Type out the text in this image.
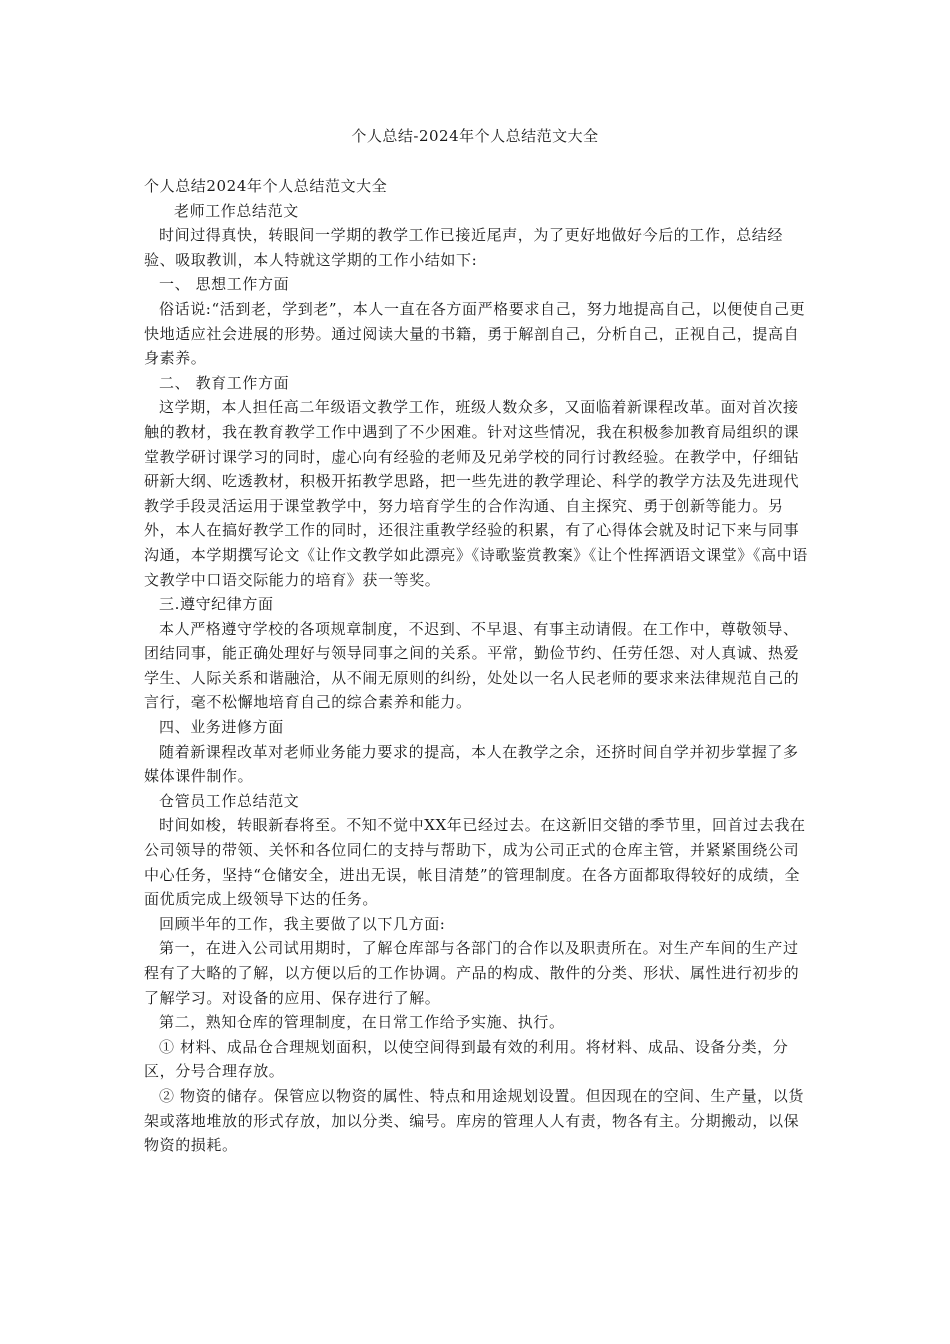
个人总结-2024年个人总结范文大全

个人总结2024年个人总结范文大全

老师工作总结范文

时间过得真快，转眼间一学期的教学工作已接近尾声，为了更好地做好今后的工作，总结经验、吸取教训，本人特就这学期的工作小结如下:

一、 思想工作方面

俗话说:“活到老，学到老”，本人一直在各方面严格要求自己，努力地提高自己，以便使自己更快地适应社会进展的形势。通过阅读大量的书籍，勇于解剖自己，分析自己，正视自己，提高自身素养。

二、 教育工作方面

这学期，本人担任高二年级语文教学工作，班级人数众多，又面临着新课程改革。面对首次接触的教材，我在教育教学工作中遇到了不少困难。针对这些情况，我在积极参加教育局组织的课堂教学研讨课学习的同时，虚心向有经验的老师及兄弟学校的同行讨教经验。在教学中，仔细钻研新大纲、吃透教材，积极开拓教学思路，把一些先进的教学理论、科学的教学方法及先进现代教学手段灵活运用于课堂教学中，努力培育学生的合作沟通、自主探究、勇于创新等能力。另外，本人在搞好教学工作的同时，还很注重教学经验的积累，有了心得体会就及时记下来与同事沟通，本学期撰写论文《让作文教学如此漂亮》《诗歌鉴赏教案》《让个性挥洒语文课堂》《高中语文教学中口语交际能力的培育》获一等奖。

三.遵守纪律方面

本人严格遵守学校的各项规章制度，不迟到、不早退、有事主动请假。在工作中，尊敬领导、团结同事，能正确处理好与领导同事之间的关系。平常，勤俭节约、任劳任怨、对人真诚、热爱学生、人际关系和谐融洽，从不闹无原则的纠纷，处处以一名人民老师的要求来法律规范自己的言行，毫不松懈地培育自己的综合素养和能力。

四、业务进修方面

随着新课程改革对老师业务能力要求的提高，本人在教学之余，还挤时间自学并初步掌握了多媒体课件制作。

仓管员工作总结范文

时间如梭，转眼新春将至。不知不觉中XX年已经过去。在这新旧交错的季节里，回首过去我在公司领导的带领、关怀和各位同仁的支持与帮助下，成为公司正式的仓库主管，并紧紧围绕公司中心任务，坚持“仓储安全，进出无误，帐目清楚”的管理制度。在各方面都取得较好的成绩，全面优质完成上级领导下达的任务。

回顾半年的工作，我主要做了以下几方面:

第一，在进入公司试用期时，了解仓库部与各部门的合作以及职责所在。对生产车间的生产过程有了大略的了解，以方便以后的工作协调。产品的构成、散件的分类、形状、属性进行初步的了解学习。对设备的应用、保存进行了解。

第二，熟知仓库的管理制度，在日常工作给予实施、执行。

① 材料、成品仓合理规划面积，以使空间得到最有效的利用。将材料、成品、设备分类，分区，分号合理存放。

② 物资的储存。保管应以物资的属性、特点和用途规划设置。但因现在的空间、生产量，以货架或落地堆放的形式存放，加以分类、编号。库房的管理人人有责，物各有主。分期搬动，以保物资的损耗。
